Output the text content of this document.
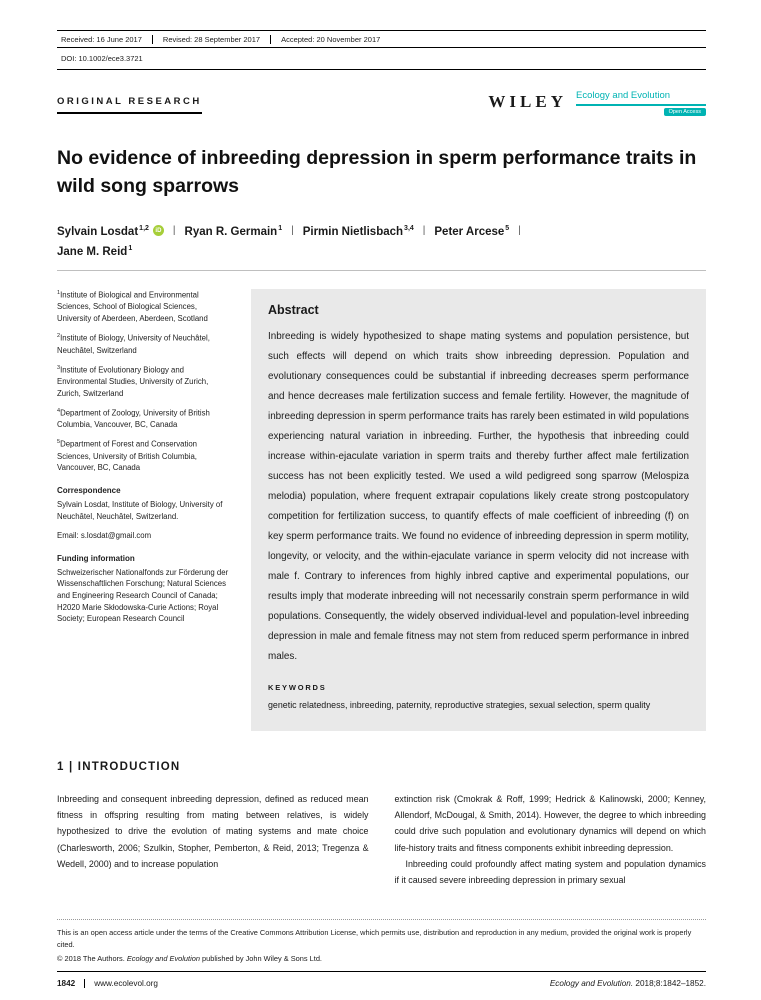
Received: 16 June 2017	Revised: 28 September 2017	Accepted: 20 November 2017
DOI: 10.1002/ece3.3721
ORIGINAL RESEARCH	WILEY Ecology and Evolution
Open Access
No evidence of inbreeding depression in sperm performance traits in wild song sparrows
Sylvain Losdat$^{1,2}$	iD | Ryan R. Germain$^1$ | Pirmin Nietlisbach$^{3,4}$ | Peter Arcese$^5$ |
Jane M. Reid$^1$

$^1$Institute of Biological and Environmental Sciences, School of Biological Sciences, University of Aberdeen, Aberdeen, Scotland

$^2$Institute of Biology, University of Neuchâtel, Neuchâtel, Switzerland

$^3$Institute of Evolutionary Biology and Environmental Studies, University of Zurich, Zurich, Switzerland

$^4$Department of Zoology, University of British Columbia, Vancouver, BC, Canada

$^5$Department of Forest and Conservation Sciences, University of British Columbia, Vancouver, BC, Canada

Correspondence

Sylvain Losdat, Institute of Biology, University of Neuchâtel, Neuchâtel, Switzerland.

Email: s.losdat@gmail.com

Funding information

Schweizerischer Nationalfonds zur Förderung der Wissenschaftlichen Forschung; Natural Sciences and Engineering Research Council of Canada; H2020 Marie Skłodowska-Curie Actions; Royal Society; European Research Council

Abstract
Inbreeding is widely hypothesized to shape mating systems and population persistence, but such effects will depend on which traits show inbreeding depression. Population and evolutionary consequences could be substantial if inbreeding decreases sperm performance and hence decreases male fertilization success and female fertility. However, the magnitude of inbreeding depression in sperm performance traits has rarely been estimated in wild populations experiencing natural variation in inbreeding. Further, the hypothesis that inbreeding could increase within-ejaculate variation in sperm traits and thereby further affect male fertilization success has not been explicitly tested. We used a wild pedigreed song sparrow (Melospiza melodia) population, where frequent extrapair copulations likely create strong postcopulatory competition for fertilization success, to quantify effects of male coefficient of inbreeding (f) on key sperm performance traits. We found no evidence of inbreeding depression in sperm motility, longevity, or velocity, and the within-ejaculate variance in sperm velocity did not increase with male f. Contrary to inferences from highly inbred captive and experimental populations, our results imply that moderate inbreeding will not necessarily constrain sperm performance in wild populations. Consequently, the widely observed individual-level and population-level inbreeding depression in male and female fitness may not stem from reduced sperm performance in inbred males.
KEYWORDS
genetic relatedness, inbreeding, paternity, reproductive strategies, sexual selection, sperm quality
1 | INTRODUCTION

Inbreeding and consequent inbreeding depression, defined as reduced mean fitness in offspring resulting from mating between relatives, is widely hypothesized to drive the evolution of mating systems and mate choice (Charlesworth, 2006; Szulkin, Stopher, Pemberton, & Reid, 2013; Tregenza & Wedell, 2000) and to increase population

extinction risk (Cmokrak & Roff, 1999; Hedrick & Kalinowski, 2000; Kenney, Allendorf, McDougal, & Smith, 2014). However, the degree to which inbreeding could drive such population and evolutionary dynamics will depend on which life-history traits and fitness components exhibit inbreeding depression.

Inbreeding could profoundly affect mating system and population dynamics if it caused severe inbreeding depression in primary sexual

This is an open access article under the terms of the Creative Commons Attribution License, which permits use, distribution and reproduction in any medium, provided the original work is properly cited.
© 2018 The Authors. Ecology and Evolution published by John Wiley & Sons Ltd.
1842	www.ecolevol.org	Ecology and Evolution. 2018;8:1842–1852.
